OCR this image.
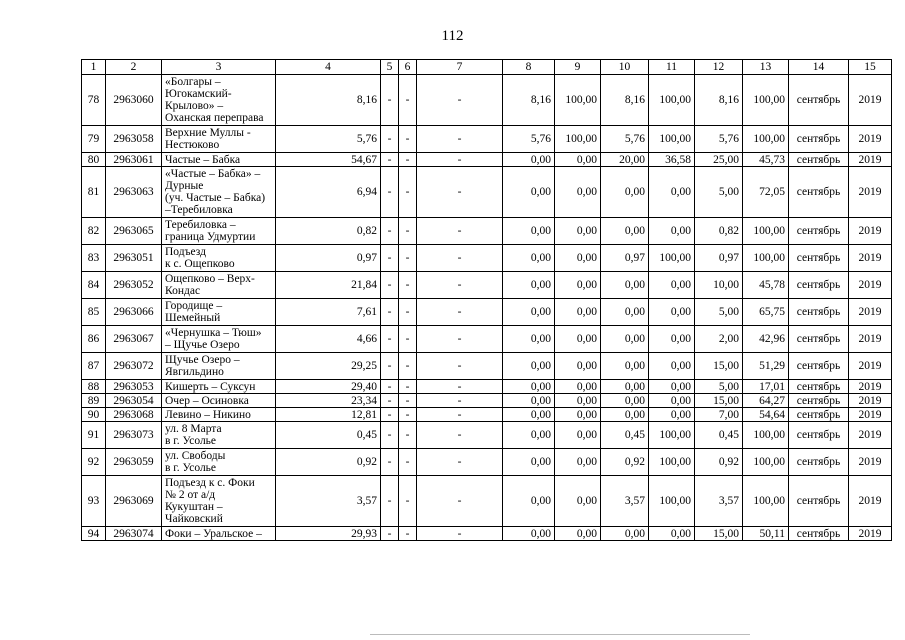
112
1	2	3	4	5	6	7	8	9	10	11	12	13	14	15
78	2963060	«Болгары –
Югокамский-
Крылово» –
Оханская переправа	8,16	-	-	-	8,16	100,00	8,16	100,00	8,16	100,00	сентябрь	2019
79	2963058	Верхние Муллы -
Нестюково	5,76	-	-	-	5,76	100,00	5,76	100,00	5,76	100,00	сентябрь	2019
80	2963061	Частые – Бабка	54,67	-	-	-	0,00	0,00	20,00	36,58	25,00	45,73	сентябрь	2019
81	2963063	«Частые – Бабка» –
Дурные
(уч. Частые – Бабка)
–Теребиловка	6,94	-	-	-	0,00	0,00	0,00	0,00	5,00	72,05	сентябрь	2019
82	2963065	Теребиловка –
граница Удмуртии	0,82	-	-	-	0,00	0,00	0,00	0,00	0,82	100,00	сентябрь	2019
83	2963051	Подъезд
к с. Ощепково	0,97	-	-	-	0,00	0,00	0,97	100,00	0,97	100,00	сентябрь	2019
84	2963052	Ощепково – Верх-
Кондас	21,84	-	-	-	0,00	0,00	0,00	0,00	10,00	45,78	сентябрь	2019
85	2963066	Городище –
Шемейный	7,61	-	-	-	0,00	0,00	0,00	0,00	5,00	65,75	сентябрь	2019
86	2963067	«Чернушка – Тюш»
– Щучье Озеро	4,66	-	-	-	0,00	0,00	0,00	0,00	2,00	42,96	сентябрь	2019
87	2963072	Щучье Озеро –
Явгильдино	29,25	-	-	-	0,00	0,00	0,00	0,00	15,00	51,29	сентябрь	2019
88	2963053	Кишерть – Суксун	29,40	-	-	-	0,00	0,00	0,00	0,00	5,00	17,01	сентябрь	2019
89	2963054	Очер – Осиновка	23,34	-	-	-	0,00	0,00	0,00	0,00	15,00	64,27	сентябрь	2019
90	2963068	Левино – Никино	12,81	-	-	-	0,00	0,00	0,00	0,00	7,00	54,64	сентябрь	2019
91	2963073	ул. 8 Марта
в г. Усолье	0,45	-	-	-	0,00	0,00	0,45	100,00	0,45	100,00	сентябрь	2019
92	2963059	ул. Свободы
в г. Усолье	0,92	-	-	-	0,00	0,00	0,92	100,00	0,92	100,00	сентябрь	2019
93	2963069	Подъезд к с. Фоки
№ 2 от а/д
Кукуштан –
Чайковский	3,57	-	-	-	0,00	0,00	3,57	100,00	3,57	100,00	сентябрь	2019
94	2963074	Фоки – Уральское –	29,93	-	-	-	0,00	0,00	0,00	0,00	15,00	50,11	сентябрь	2019
